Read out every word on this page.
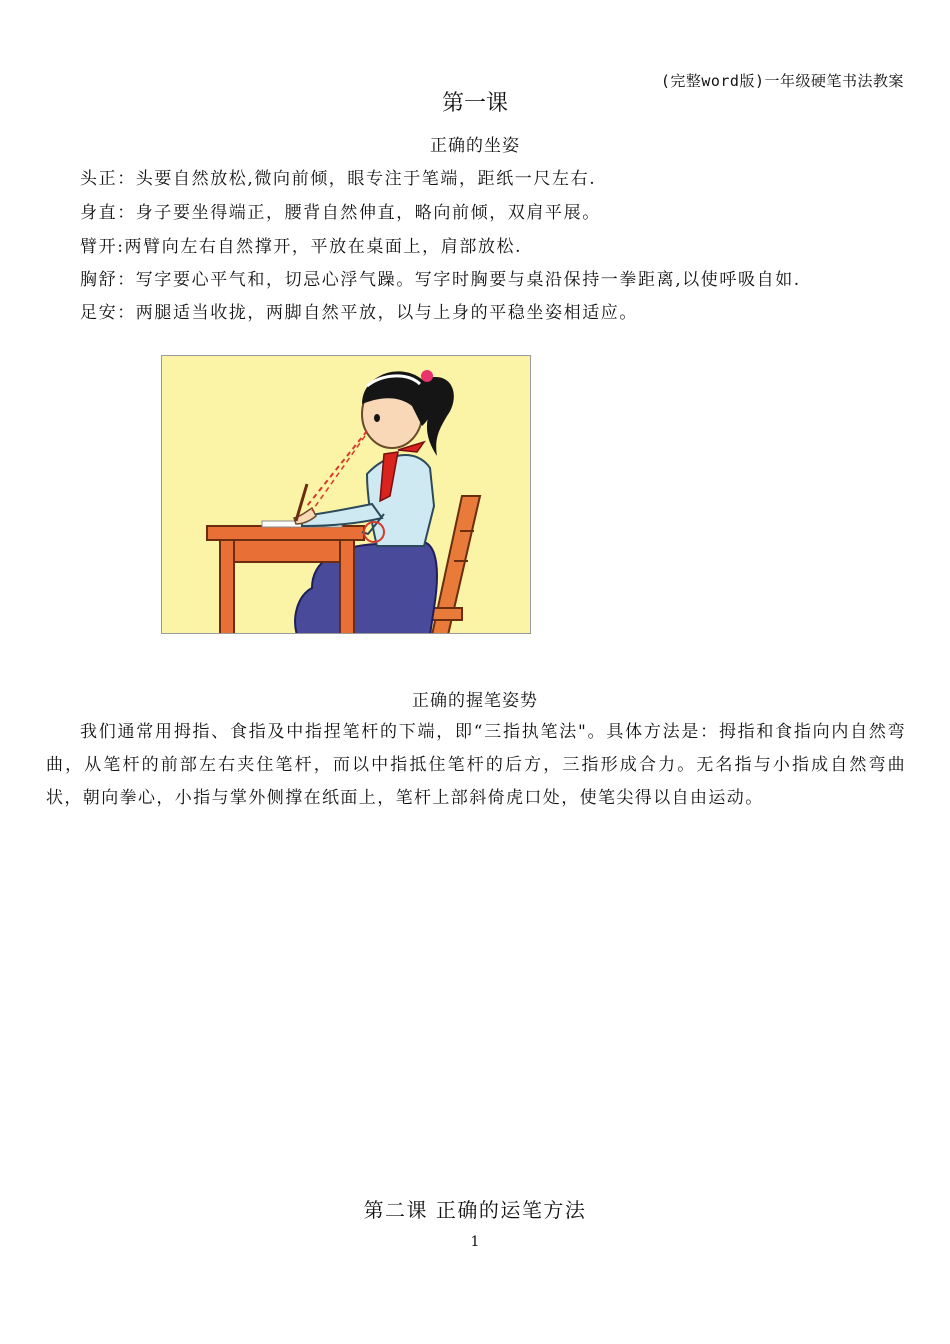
(完整word版)一年级硬笔书法教案
第一课
正确的坐姿
头正：头要自然放松,微向前倾，眼专注于笔端，距纸一尺左右.
身直：身子要坐得端正，腰背自然伸直，略向前倾，双肩平展。
臂开:两臂向左右自然撑开，平放在桌面上，肩部放松.
胸舒：写字要心平气和，切忌心浮气躁。写字时胸要与桌沿保持一拳距离,以使呼吸自如.
足安：两腿适当收拢，两脚自然平放，以与上身的平稳坐姿相适应。
正确的握笔姿势

我们通常用拇指、食指及中指捏笔杆的下端，即“三指执笔法"。具体方法是：拇指和食指向内自然弯曲，从笔杆的前部左右夹住笔杆，而以中指抵住笔杆的后方，三指形成合力。无名指与小指成自然弯曲状，朝向拳心，小指与掌外侧撑在纸面上，笔杆上部斜倚虎口处，使笔尖得以自由运动。

第二课 正确的运笔方法
1
